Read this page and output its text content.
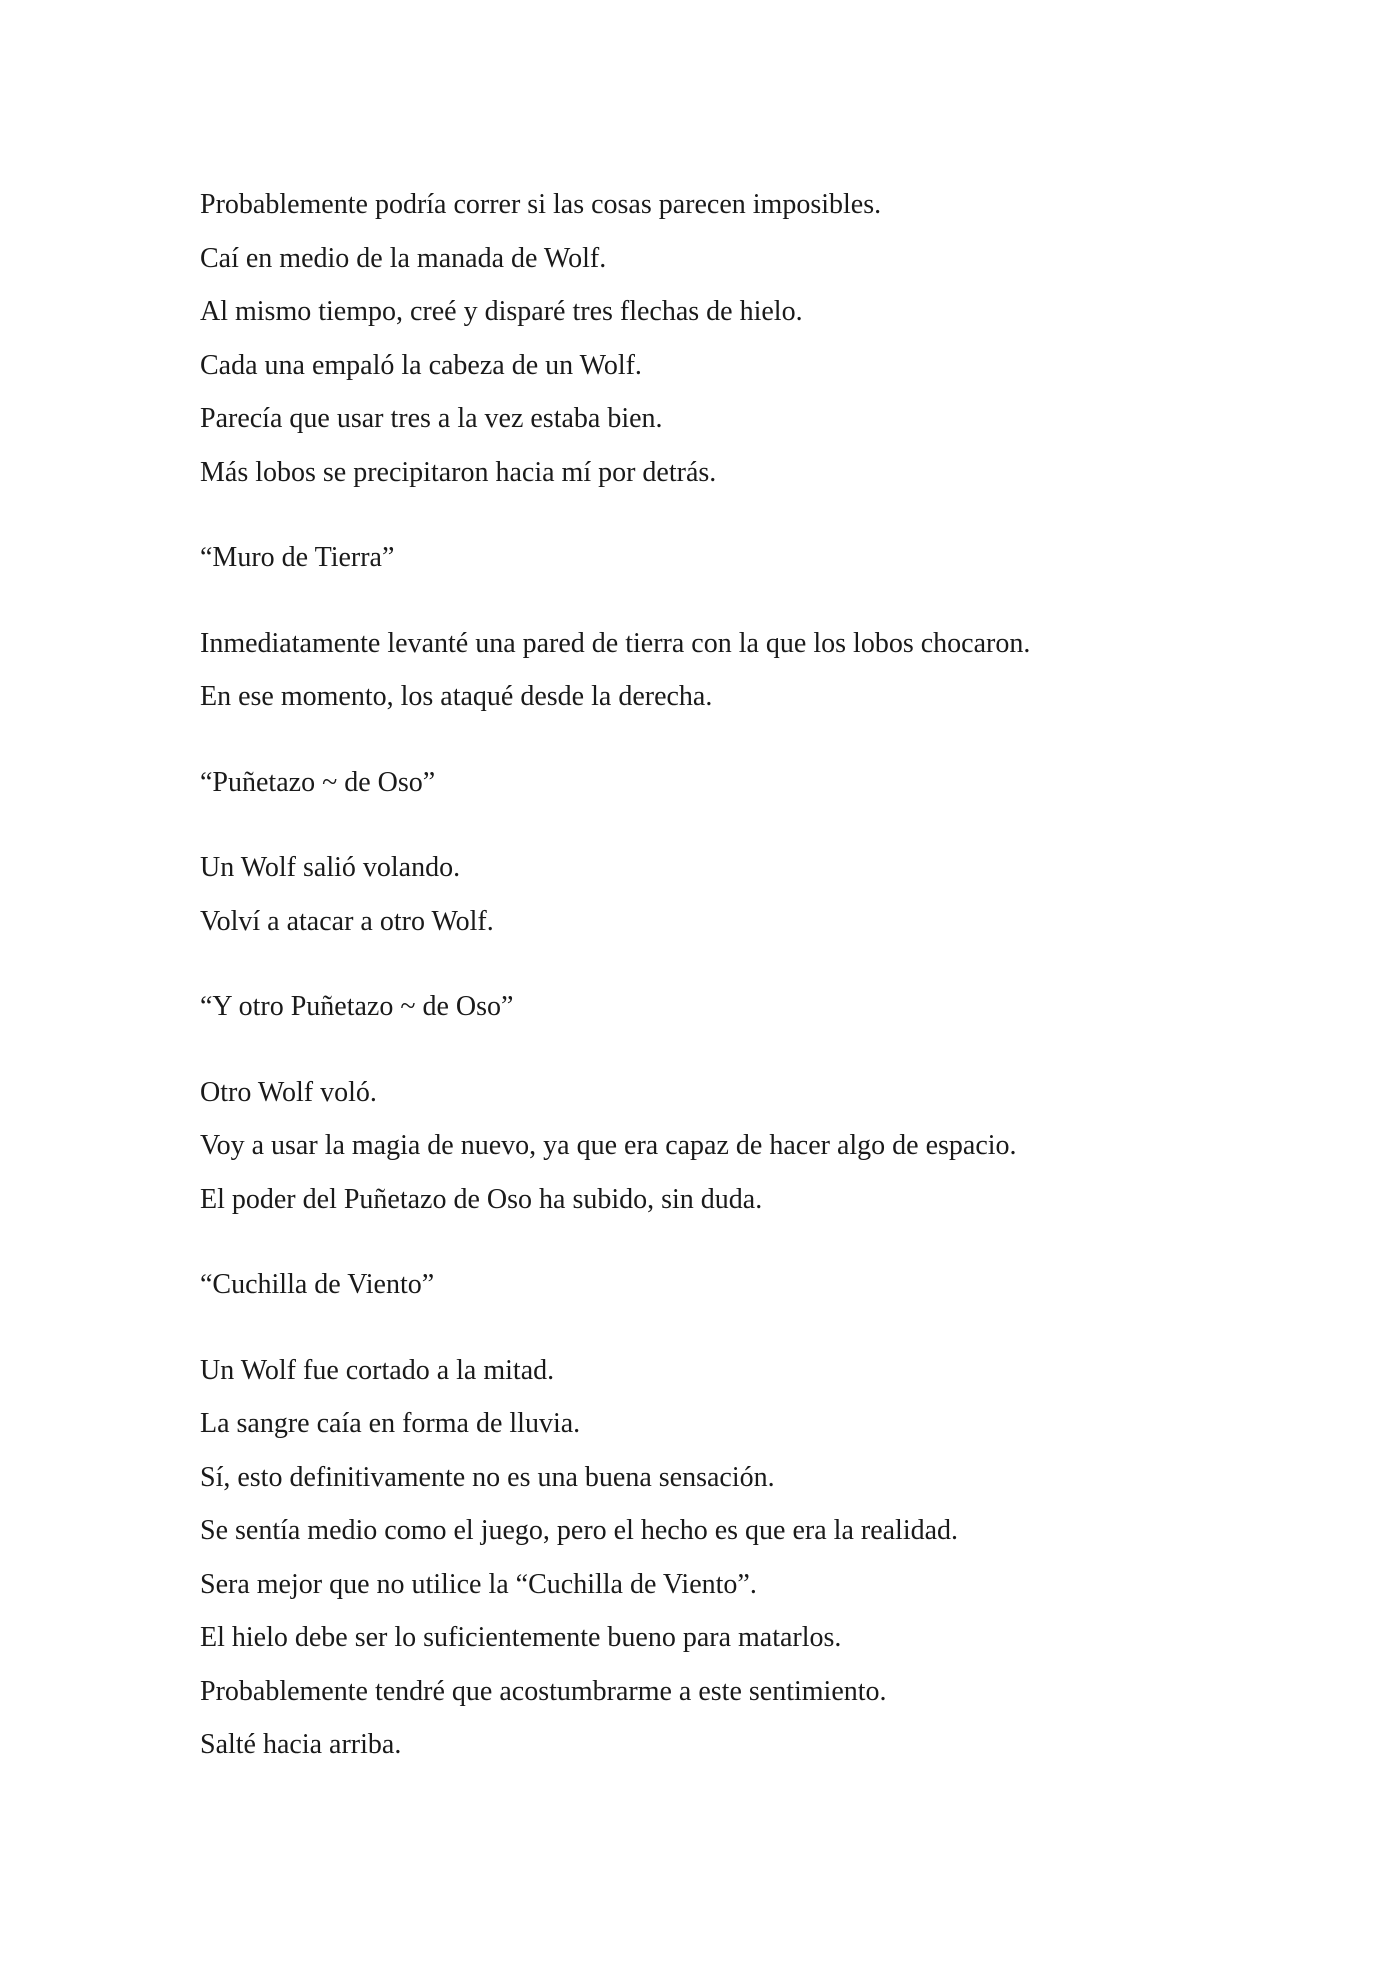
Probablemente podría correr si las cosas parecen imposibles.
Caí en medio de la manada de Wolf.
Al mismo tiempo, creé y disparé tres flechas de hielo.
Cada una empaló la cabeza de un Wolf.
Parecía que usar tres a la vez estaba bien.
Más lobos se precipitaron hacia mí por detrás.
“Muro de Tierra”
Inmediatamente levanté una pared de tierra con la que los lobos chocaron.
En ese momento, los ataqué desde la derecha.
“Puñetazo ~ de Oso”
Un Wolf salió volando.
Volví a atacar a otro Wolf.
“Y otro Puñetazo ~ de Oso”
Otro Wolf voló.
Voy a usar la magia de nuevo, ya que era capaz de hacer algo de espacio.
El poder del Puñetazo de Oso ha subido, sin duda.
“Cuchilla de Viento”
Un Wolf fue cortado a la mitad.
La sangre caía en forma de lluvia.
Sí, esto definitivamente no es una buena sensación.
Se sentía medio como el juego, pero el hecho es que era la realidad.
Sera mejor que no utilice la “Cuchilla de Viento”.
El hielo debe ser lo suficientemente bueno para matarlos.
Probablemente tendré que acostumbrarme a este sentimiento.
Salté hacia arriba.
